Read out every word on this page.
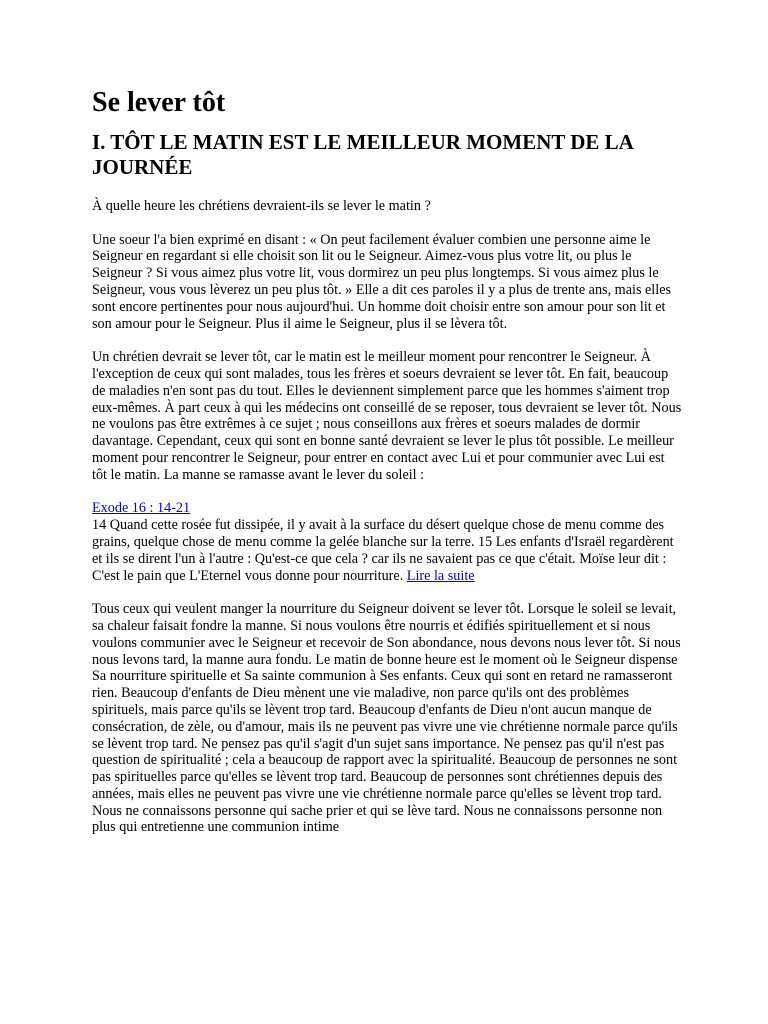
Se lever tôt
I. TÔT LE MATIN EST LE MEILLEUR MOMENT DE LA JOURNÉE

À quelle heure les chrétiens devraient-ils se lever le matin ?

Une soeur l'a bien exprimé en disant : « On peut facilement évaluer combien une personne aime le Seigneur en regardant si elle choisit son lit ou le Seigneur. Aimez-vous plus votre lit, ou plus le Seigneur ? Si vous aimez plus votre lit, vous dormirez un peu plus longtemps. Si vous aimez plus le Seigneur, vous vous lèverez un peu plus tôt. » Elle a dit ces paroles il y a plus de trente ans, mais elles sont encore pertinentes pour nous aujourd'hui. Un homme doit choisir entre son amour pour son lit et son amour pour le Seigneur. Plus il aime le Seigneur, plus il se lèvera tôt.

Un chrétien devrait se lever tôt, car le matin est le meilleur moment pour rencontrer le Seigneur. À l'exception de ceux qui sont malades, tous les frères et soeurs devraient se lever tôt. En fait, beaucoup de maladies n'en sont pas du tout. Elles le deviennent simplement parce que les hommes s'aiment trop eux-mêmes. À part ceux à qui les médecins ont conseillé de se reposer, tous devraient se lever tôt. Nous ne voulons pas être extrêmes à ce sujet ; nous conseillons aux frères et soeurs malades de dormir davantage. Cependant, ceux qui sont en bonne santé devraient se lever le plus tôt possible. Le meilleur moment pour rencontrer le Seigneur, pour entrer en contact avec Lui et pour communier avec Lui est tôt le matin. La manne se ramasse avant le lever du soleil :

Exode 16 : 14-21
14 Quand cette rosée fut dissipée, il y avait à la surface du désert quelque chose de menu comme des grains, quelque chose de menu comme la gelée blanche sur la terre. 15 Les enfants d'Israël regardèrent et ils se dirent l'un à l'autre : Qu'est-ce que cela ? car ils ne savaient pas ce que c'était. Moïse leur dit : C'est le pain que L'Eternel vous donne pour nourriture. Lire la suite

Tous ceux qui veulent manger la nourriture du Seigneur doivent se lever tôt. Lorsque le soleil se levait, sa chaleur faisait fondre la manne. Si nous voulons être nourris et édifiés spirituellement et si nous voulons communier avec le Seigneur et recevoir de Son abondance, nous devons nous lever tôt. Si nous nous levons tard, la manne aura fondu. Le matin de bonne heure est le moment où le Seigneur dispense Sa nourriture spirituelle et Sa sainte communion à Ses enfants. Ceux qui sont en retard ne ramasseront rien. Beaucoup d'enfants de Dieu mènent une vie maladive, non parce qu'ils ont des problèmes spirituels, mais parce qu'ils se lèvent trop tard. Beaucoup d'enfants de Dieu n'ont aucun manque de consécration, de zèle, ou d'amour, mais ils ne peuvent pas vivre une vie chrétienne normale parce qu'ils se lèvent trop tard. Ne pensez pas qu'il s'agit d'un sujet sans importance. Ne pensez pas qu'il n'est pas question de spiritualité ; cela a beaucoup de rapport avec la spiritualité. Beaucoup de personnes ne sont pas spirituelles parce qu'elles se lèvent trop tard. Beaucoup de personnes sont chrétiennes depuis des années, mais elles ne peuvent pas vivre une vie chrétienne normale parce qu'elles se lèvent trop tard. Nous ne connaissons personne qui sache prier et qui se lève tard. Nous ne connaissons personne non plus qui entretienne une communion intime
